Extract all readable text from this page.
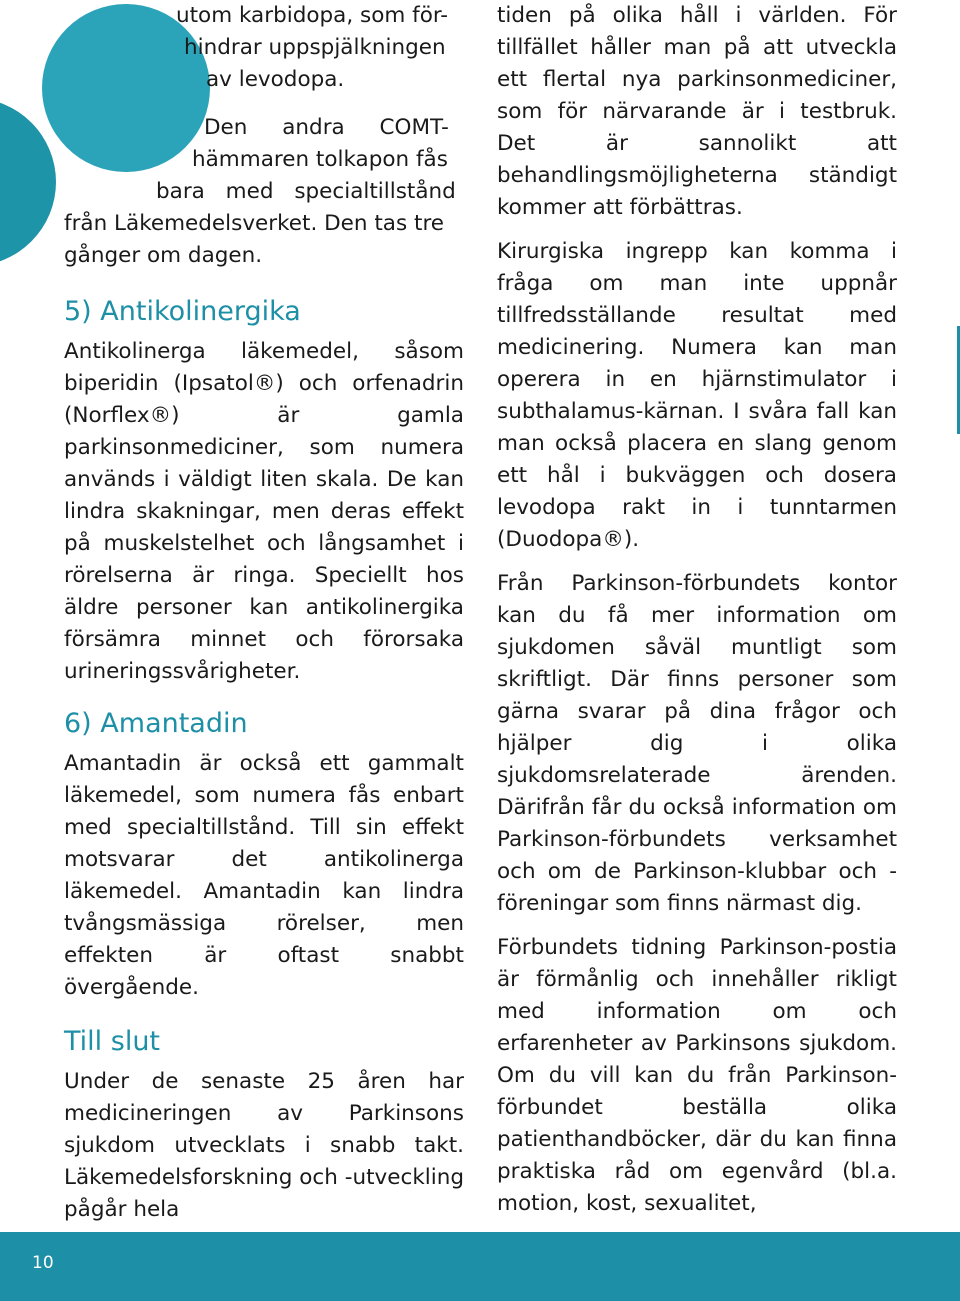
utom karbidopa, som för-
hindrar uppspjälkningen
av levodopa.
Den andra COMT-
hämmaren tolkapon fås
bara med specialtillstånd
från Läkemedelsverket. Den tas tre
gånger om dagen.
5) Antikolinergika

Antikolinerga läkemedel, såsom biperidin (Ipsatol®) och orfenadrin (Norflex®) är gamla parkinsonmediciner, som numera används i väldigt liten skala. De kan lindra skakningar, men deras effekt på muskelstelhet och långsamhet i rörelserna är ringa. Speciellt hos äldre personer kan antikolinergika försämra minnet och förorsaka urineringssvårigheter.

6) Amantadin

Amantadin är också ett gammalt läkemedel, som numera fås enbart med specialtillstånd. Till sin effekt motsvarar det antikolinerga läkemedel. Amantadin kan lindra tvångsmässiga rörelser, men effekten är oftast snabbt övergående.

Till slut

Under de senaste 25 åren har medicineringen av Parkinsons sjukdom utvecklats i snabb takt. Läkemedelsforskning och -utveckling pågår hela

tiden på olika håll i världen. För tillfället håller man på att utveckla ett flertal nya parkinsonmediciner, som för närvarande är i testbruk. Det är sannolikt att behandlingsmöjligheterna ständigt kommer att förbättras.

Kirurgiska ingrepp kan komma i fråga om man inte uppnår tillfredsställande resultat med medicinering. Numera kan man operera in en hjärnstimulator i subthalamus-kärnan. I svåra fall kan man också placera en slang genom ett hål i bukväggen och dosera levodopa rakt in i tunntarmen (Duodopa®).

Från Parkinson-förbundets kontor kan du få mer information om sjukdomen såväl muntligt som skriftligt. Där finns personer som gärna svarar på dina frågor och hjälper dig i olika sjukdomsrelaterade ärenden. Därifrån får du också information om Parkinson-förbundets verksamhet och om de Parkinson-klubbar och -föreningar som finns närmast dig.

Förbundets tidning Parkinson-postia är förmånlig och innehåller rikligt med information om och erfarenheter av Parkinsons sjukdom. Om du vill kan du från Parkinson-förbundet beställa olika patienthandböcker, där du kan finna praktiska råd om egenvård (bl.a. motion, kost, sexualitet,

10
